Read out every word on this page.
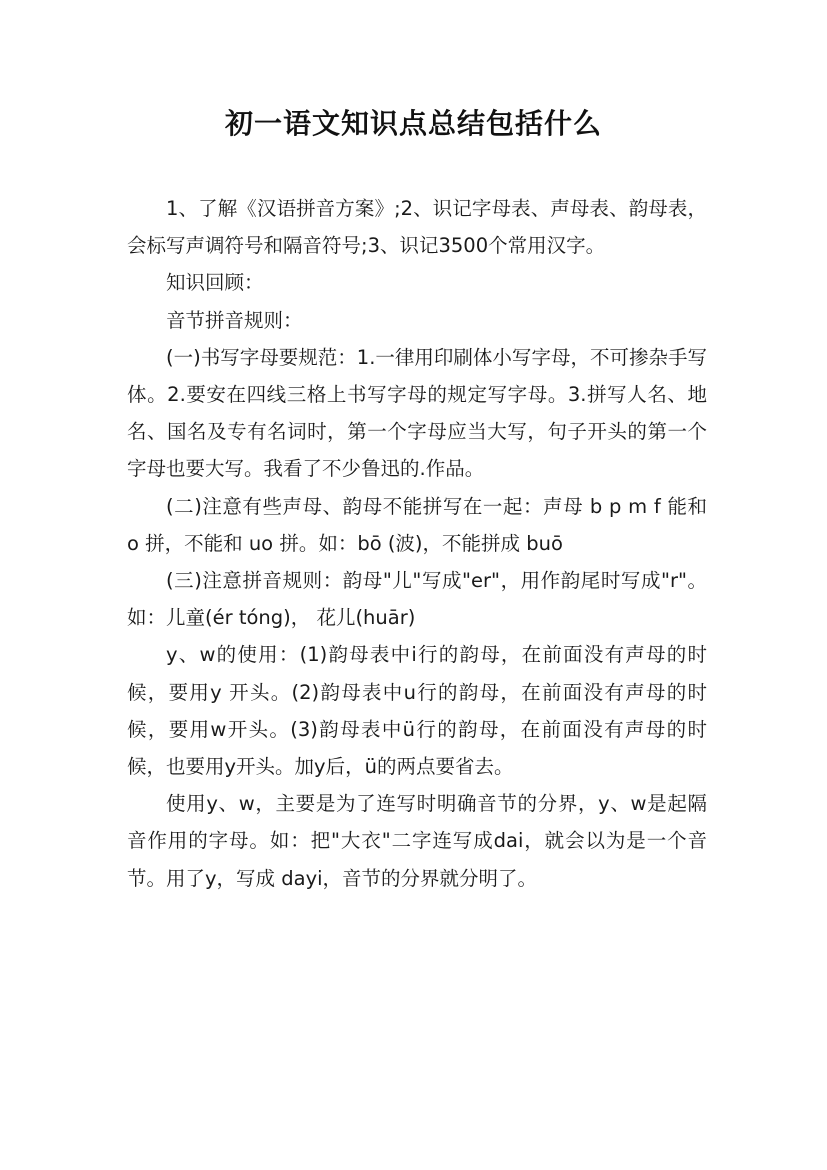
初一语文知识点总结包括什么

1、了解《汉语拼音方案》;2、识记字母表、声母表、韵母表，会标写声调符号和隔音符号;3、识记3500个常用汉字。

知识回顾：

音节拼音规则：

(一)书写字母要规范：1.一律用印刷体小写字母，不可掺杂手写体。2.要安在四线三格上书写字母的规定写字母。3.拼写人名、地名、国名及专有名词时，第一个字母应当大写，句子开头的第一个字母也要大写。我看了不少鲁迅的.作品。

(二)注意有些声母、韵母不能拼写在一起：声母 b p m f 能和 o 拼，不能和 uo 拼。如：bō (波)，不能拼成 buō

(三)注意拼音规则：韵母"儿"写成"er"，用作韵尾时写成"r"。如：儿童(ér tóng)， 花儿(huār)

y、w的使用：(1)韵母表中i行的韵母，在前面没有声母的时候，要用y 开头。(2)韵母表中u行的韵母，在前面没有声母的时候，要用w开头。(3)韵母表中ü行的韵母，在前面没有声母的时候，也要用y开头。加y后，ü的两点要省去。

使用y、w，主要是为了连写时明确音节的分界，y、w是起隔音作用的字母。如：把"大衣"二字连写成dai，就会以为是一个音节。用了y，写成 dayi，音节的分界就分明了。
